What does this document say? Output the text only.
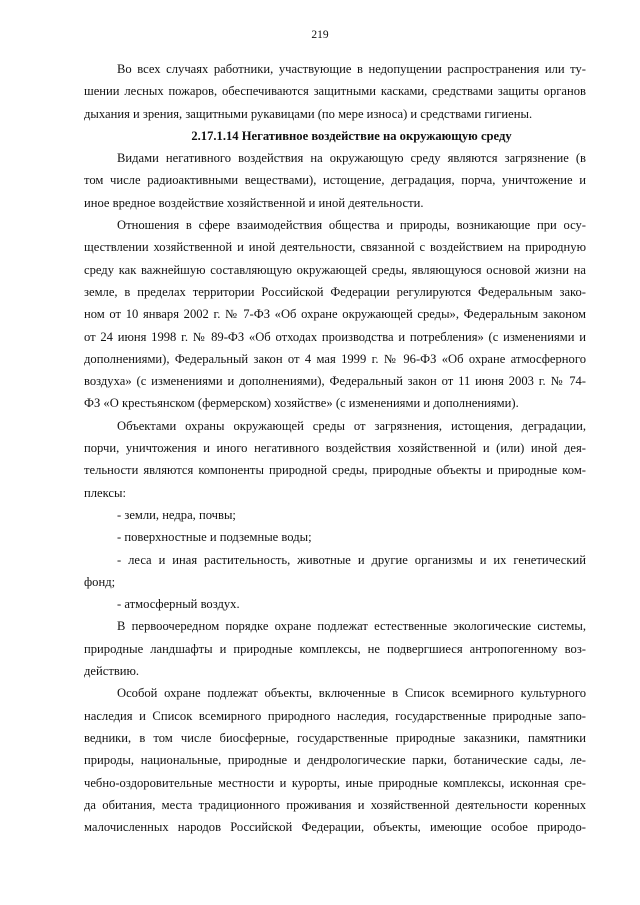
219
Во всех случаях работники, участвующие в недопущении распространения или ту-
шении лесных пожаров, обеспечиваются защитными касками, средствами защиты органов
дыхания и зрения, защитными рукавицами (по мере износа) и средствами гигиены.
2.17.1.14 Негативное воздействие на окружающую среду
Видами негативного воздействия на окружающую среду являются загрязнение (в
том числе радиоактивными веществами), истощение, деградация, порча, уничтожение и
иное вредное воздействие хозяйственной и иной деятельности.
Отношения в сфере взаимодействия общества и природы, возникающие при осу-
ществлении хозяйственной и иной деятельности, связанной с воздействием на природную
среду как важнейшую составляющую окружающей среды, являющуюся основой жизни на
земле, в пределах территории Российской Федерации регулируются Федеральным зако-
ном от 10 января 2002 г. № 7-ФЗ «Об охране окружающей среды», Федеральным законом
от 24 июня 1998 г. № 89-ФЗ «Об отходах производства и потребления» (с изменениями и
дополнениями), Федеральный закон от 4 мая 1999 г. № 96-ФЗ «Об охране атмосферного
воздуха» (с изменениями и дополнениями), Федеральный закон от 11 июня 2003 г. № 74-
ФЗ «О крестьянском (фермерском) хозяйстве» (с изменениями и дополнениями).
Объектами охраны окружающей среды от загрязнения, истощения, деградации,
порчи, уничтожения и иного негативного воздействия хозяйственной и (или) иной дея-
тельности являются компоненты природной среды, природные объекты и природные ком-
плексы:
- земли, недра, почвы;
- поверхностные и подземные воды;
- леса и иная растительность, животные и другие организмы и их генетический
фонд;
- атмосферный воздух.
В первоочередном порядке охране подлежат естественные экологические системы,
природные ландшафты и природные комплексы, не подвергшиеся антропогенному воз-
действию.
Особой охране подлежат объекты, включенные в Список всемирного культурного
наследия и Список всемирного природного наследия, государственные природные запо-
ведники, в том числе биосферные, государственные природные заказники, памятники
природы, национальные, природные и дендрологические парки, ботанические сады, ле-
чебно-оздоровительные местности и курорты, иные природные комплексы, исконная сре-
да обитания, места традиционного проживания и хозяйственной деятельности коренных
малочисленных народов Российской Федерации, объекты, имеющие особое природо-
